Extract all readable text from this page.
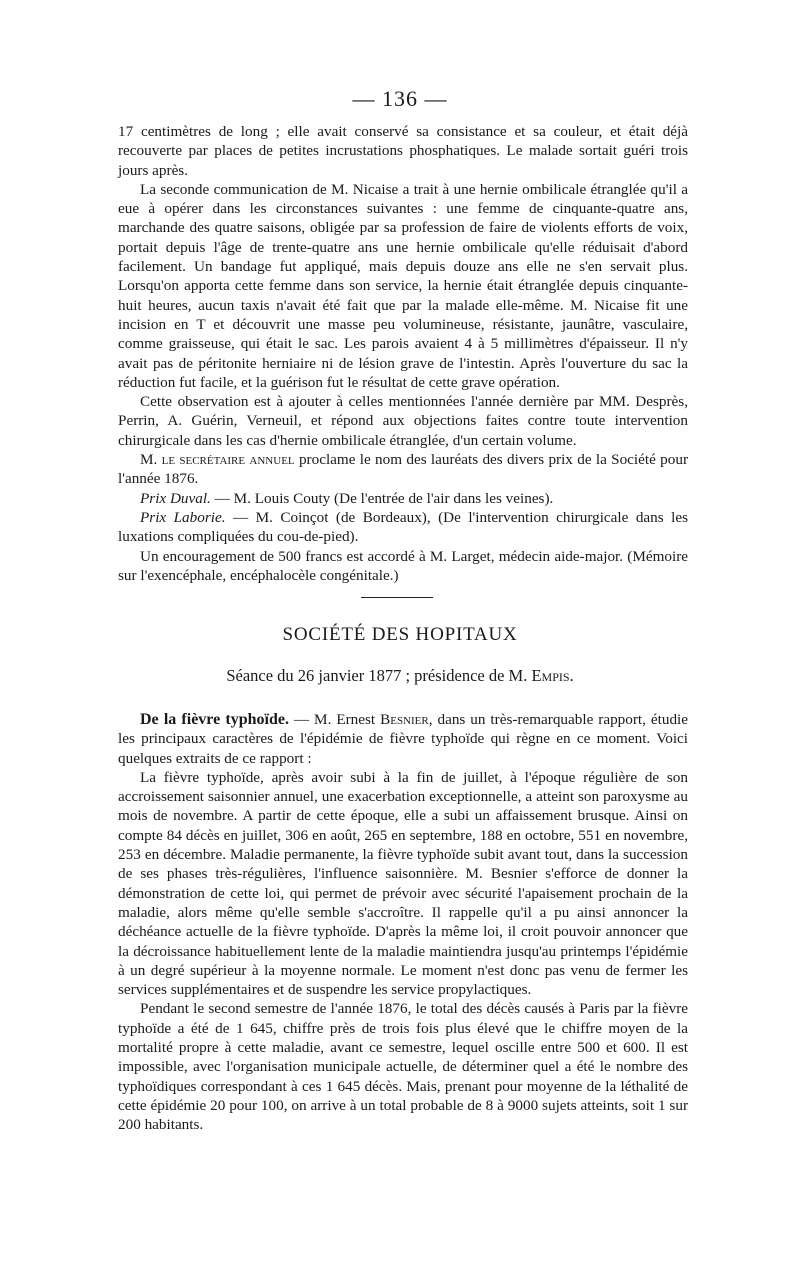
— 136 —

17 centimètres de long ; elle avait conservé sa consistance et sa couleur, et était déjà recouverte par places de petites incrustations phosphatiques. Le malade sortait guéri trois jours après.

La seconde communication de M. Nicaise a trait à une hernie ombilicale étranglée qu'il a eue à opérer dans les circonstances suivantes : une femme de cinquante-quatre ans, marchande des quatre saisons, obligée par sa profession de faire de violents efforts de voix, portait depuis l'âge de trente-quatre ans une hernie ombilicale qu'elle réduisait d'abord facilement. Un bandage fut appliqué, mais depuis douze ans elle ne s'en servait plus. Lorsqu'on apporta cette femme dans son service, la hernie était étranglée depuis cinquante-huit heures, aucun taxis n'avait été fait que par la malade elle-même. M. Nicaise fit une incision en T et découvrit une masse peu volumineuse, résistante, jaunâtre, vasculaire, comme graisseuse, qui était le sac. Les parois avaient 4 à 5 millimètres d'épaisseur. Il n'y avait pas de péritonite herniaire ni de lésion grave de l'intestin. Après l'ouverture du sac la réduction fut facile, et la guérison fut le résultat de cette grave opération.

Cette observation est à ajouter à celles mentionnées l'année dernière par MM. Desprès, Perrin, A. Guérin, Verneuil, et répond aux objections faites contre toute intervention chirurgicale dans les cas d'hernie ombilicale étranglée, d'un certain volume.

M. le secrétaire annuel proclame le nom des lauréats des divers prix de la Société pour l'année 1876.

Prix Duval. — M. Louis Couty (De l'entrée de l'air dans les veines).

Prix Laborie. — M. Coinçot (de Bordeaux), (De l'intervention chirurgicale dans les luxations compliquées du cou-de-pied).

Un encouragement de 500 francs est accordé à M. Larget, médecin aide-major. (Mémoire sur l'exencéphale, encéphalocèle congénitale.)

SOCIÉTÉ DES HOPITAUX
Séance du 26 janvier 1877 ; présidence de M. Empis.

De la fièvre typhoïde. — M. Ernest Besnier, dans un très-remarquable rapport, étudie les principaux caractères de l'épidémie de fièvre typhoïde qui règne en ce moment. Voici quelques extraits de ce rapport :

La fièvre typhoïde, après avoir subi à la fin de juillet, à l'époque régulière de son accroissement saisonnier annuel, une exacerbation exceptionnelle, a atteint son paroxysme au mois de novembre. A partir de cette époque, elle a subi un affaissement brusque. Ainsi on compte 84 décès en juillet, 306 en août, 265 en septembre, 188 en octobre, 551 en novembre, 253 en décembre. Maladie permanente, la fièvre typhoïde subit avant tout, dans la succession de ses phases très-régulières, l'influence saisonnière. M. Besnier s'efforce de donner la démonstration de cette loi, qui permet de prévoir avec sécurité l'apaisement prochain de la maladie, alors même qu'elle semble s'accroître. Il rappelle qu'il a pu ainsi annoncer la déchéance actuelle de la fièvre typhoïde. D'après la même loi, il croit pouvoir annoncer que la décroissance habituellement lente de la maladie maintiendra jusqu'au printemps l'épidémie à un degré supérieur à la moyenne normale. Le moment n'est donc pas venu de fermer les services supplémentaires et de suspendre les service propylactiques.

Pendant le second semestre de l'année 1876, le total des décès causés à Paris par la fièvre typhoïde a été de 1 645, chiffre près de trois fois plus élevé que le chiffre moyen de la mortalité propre à cette maladie, avant ce semestre, lequel oscille entre 500 et 600. Il est impossible, avec l'organisation municipale actuelle, de déterminer quel a été le nombre des typhoïdiques correspondant à ces 1 645 décès. Mais, prenant pour moyenne de la léthalité de cette épidémie 20 pour 100, on arrive à un total probable de 8 à 9000 sujets atteints, soit 1 sur 200 habitants.
